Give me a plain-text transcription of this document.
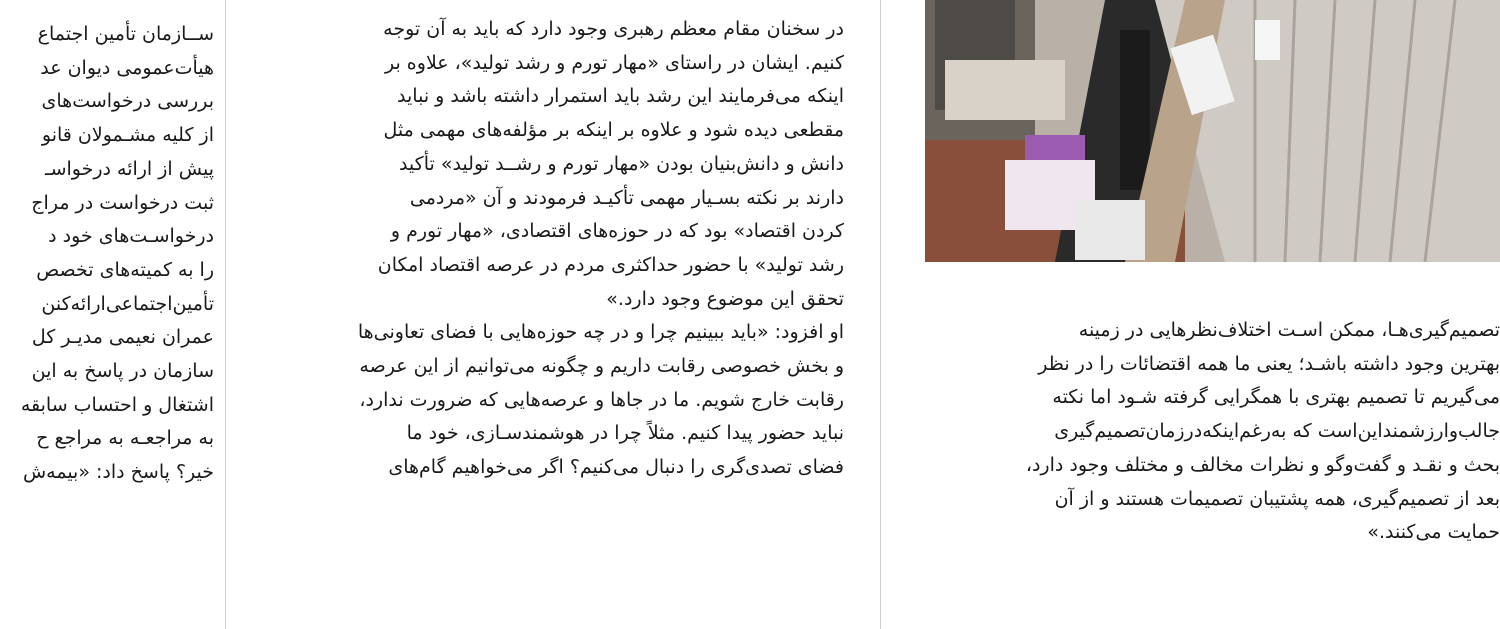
تصمیم‌گیری‌هـا، ممکن اسـت اختلاف‌نظرهایی در زمینه
بهترین وجود داشته باشـد؛ یعنی ما همه اقتضائات را در نظر
می‌گیریم تا تصمیم بهتری با همگرایی گرفته شـود اما نکته
جالب‌وارزشمنداین‌است که به‌رغم‌اینکه‌درزمان‌تصمیم‌گیری
بحث و نقـد و گفت‌وگو و نظرات مخالف و مختلف وجود دارد،
بعد از تصمیم‌گیری، همه پشتیبان تصمیمات هستند و از آن
حمایت می‌کنند.»
در سخنان مقام معظم رهبری وجود دارد که باید به آن توجه
کنیم. ایشان در راستای «مهار تورم و رشد تولید»، علاوه بر
اینکه می‌فرمایند این رشد باید استمرار داشته باشد و نباید
مقطعی دیده شود و علاوه بر اینکه بر مؤلفه‌های مهمی مثل
دانش و دانش‌بنیان بودن «مهار تورم و رشــد تولید» تأکید
دارند بر نکته بسـیار مهمی تأکیـد فرمودند و آن «مردمی
کردن اقتصاد» بود که در حوزه‌های اقتصادی، «مهار تورم و
رشد تولید» با حضور حداکثری مردم در عرصه اقتصاد امکان
تحقق این موضوع وجود دارد.»
او افزود: «باید ببینیم چرا و در چه حوزه‌هایی با فضای تعاونی‌ها
و بخش خصوصی رقابت داریم و چگونه می‌توانیم از این عرصه
رقابت خارج شویم. ما در جاها و عرصه‌هایی که ضرورت ندارد،
نباید حضور پیدا کنیم. مثلاً چرا در هوشمندسـازی، خود ما
فضای تصدی‌گری را دنبال می‌کنیم؟ اگر می‌خواهیم گام‌های
ســازمان تأمین اجتماع
هیأت‌عمومی دیوان عد
بررسی درخواست‌های
از کلیه مشـمولان قانو
پیش از ارائه درخواسـ
ثبت درخواست در مراج
درخواسـت‌های خود د
را به کمیته‌های تخصص
تأمین‌اجتماعی‌ارائه‌کنن
عمران نعیمی مدیـر کل
سازمان در پاسخ به این
اشتغال و احتساب سابقه
به مراجعـه به مراجع ح
خیر؟ پاسخ داد: «بیمه‌ش
